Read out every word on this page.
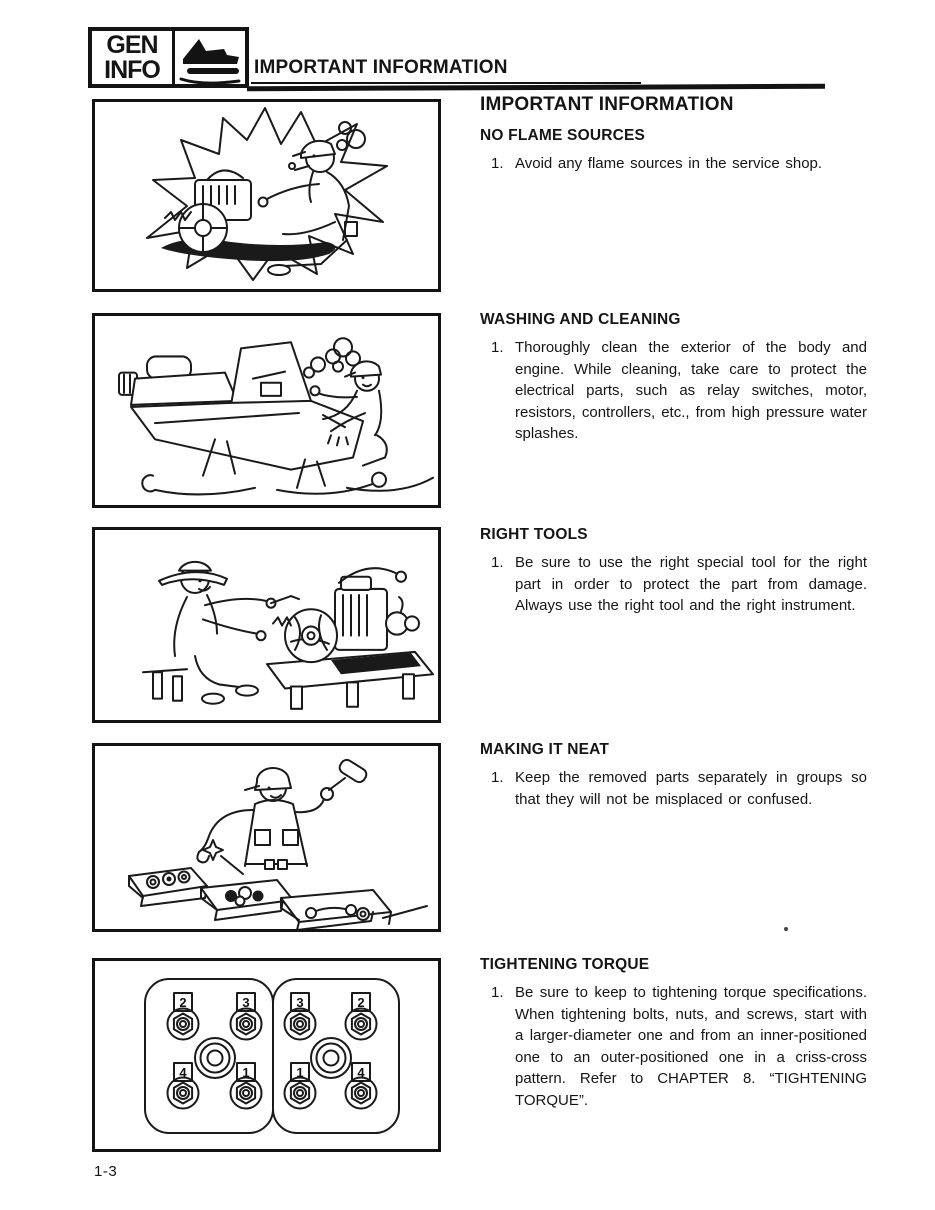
GEN
INFO	IMPORTANT INFORMATION
2	3
4	1
3	2
1	4
IMPORTANT INFORMATION
NO FLAME SOURCES
1. Avoid any flame sources in the service shop.

WASHING AND CLEANING
1. Thoroughly clean the exterior of the body and engine. While cleaning, take care to protect the electrical parts, such as relay switches, motor, resistors, controllers, etc., from high pressure water splashes.

RIGHT TOOLS
1. Be sure to use the right special tool for the right part in order to protect the part from damage. Always use the right tool and the right instrument.

MAKING IT NEAT
1. Keep the removed parts separately in groups so that they will not be misplaced or confused.

TIGHTENING TORQUE
1. Be sure to keep to tightening torque specifications. When tightening bolts, nuts, and screws, start with a larger-diameter one and from an inner-positioned one to an outer-positioned one in a criss-cross pattern. Refer to CHAPTER 8. “TIGHTENING TORQUE”.

1-3
